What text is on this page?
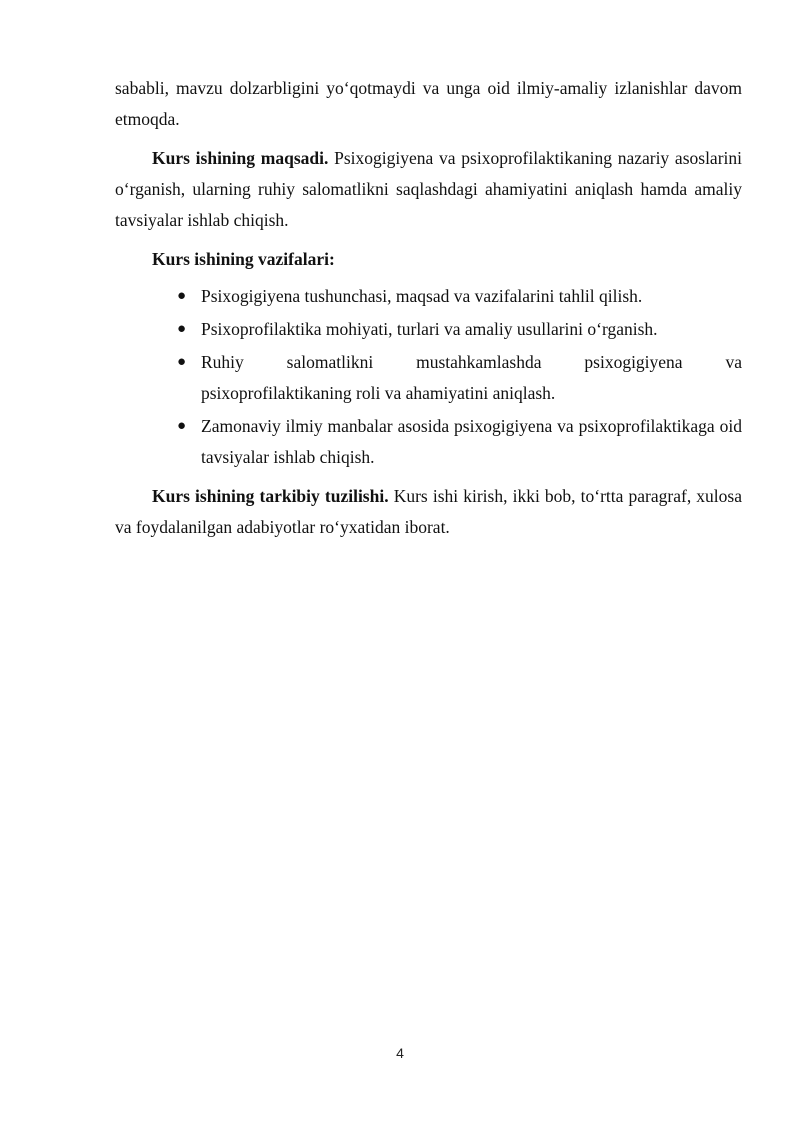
sababli, mavzu dolzarbligini yo‘qotmaydi va unga oid ilmiy-amaliy izlanishlar davom etmoqda.

Kurs ishining maqsadi. Psixogigiyena va psixoprofilaktikaning nazariy asoslarini o‘rganish, ularning ruhiy salomatlikni saqlashdagi ahamiyatini aniqlash hamda amaliy tavsiyalar ishlab chiqish.

Kurs ishining vazifalari:

● Psixogigiyena tushunchasi, maqsad va vazifalarini tahlil qilish.
● Psixoprofilaktika mohiyati, turlari va amaliy usullarini o‘rganish.
● Ruhiy salomatlikni mustahkamlashda psixogigiyena va psixoprofilaktikaning roli va ahamiyatini aniqlash.
● Zamonaviy ilmiy manbalar asosida psixogigiyena va psixoprofilaktikaga oid tavsiyalar ishlab chiqish.

Kurs ishining tarkibiy tuzilishi. Kurs ishi kirish, ikki bob, to‘rtta paragraf, xulosa va foydalanilgan adabiyotlar ro‘yxatidan iborat.

4
